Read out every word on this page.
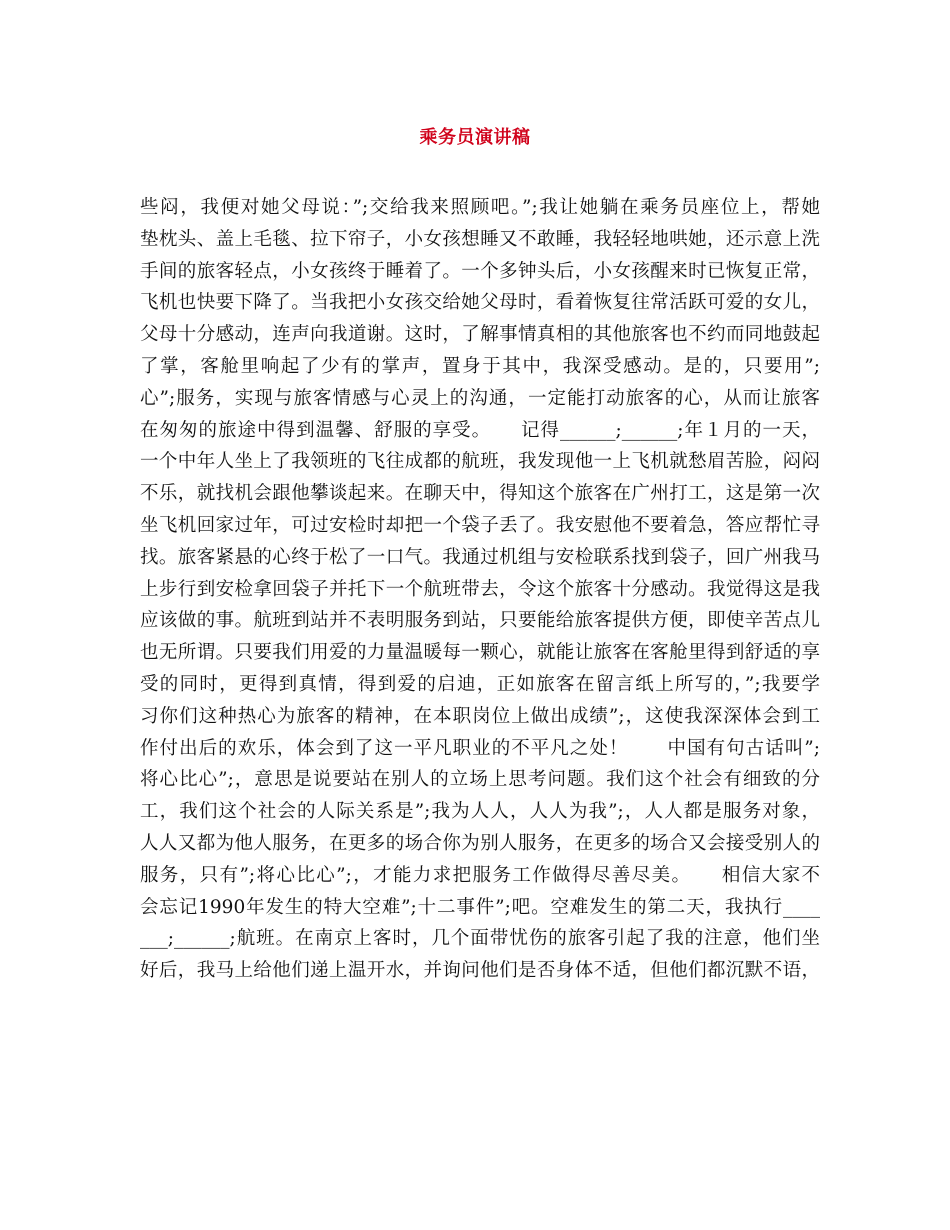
乘务员演讲稿
些闷，我便对她父母说：”;交给我来照顾吧。”;我让她躺在乘务员座位上，帮她
垫枕头、盖上毛毯、拉下帘子，小女孩想睡又不敢睡，我轻轻地哄她，还示意上洗
手间的旅客轻点，小女孩终于睡着了。一个多钟头后，小女孩醒来时已恢复正常，
飞机也快要下降了。当我把小女孩交给她父母时，看着恢复往常活跃可爱的女儿，
父母十分感动，连声向我道谢。这时，了解事情真相的其他旅客也不约而同地鼓起
了掌，客舱里响起了少有的掌声，置身于其中，我深受感动。是的，只要用”;
心”;服务，实现与旅客情感与心灵上的沟通，一定能打动旅客的心，从而让旅客
在匆匆的旅途中得到温馨、舒服的享受。　　记得______;______;年１月的一天，
一个中年人坐上了我领班的飞往成都的航班，我发现他一上飞机就愁眉苦脸，闷闷
不乐，就找机会跟他攀谈起来。在聊天中，得知这个旅客在广州打工，这是第一次
坐飞机回家过年，可过安检时却把一个袋子丢了。我安慰他不要着急，答应帮忙寻
找。旅客紧悬的心终于松了一口气。我通过机组与安检联系找到袋子，回广州我马
上步行到安检拿回袋子并托下一个航班带去，令这个旅客十分感动。我觉得这是我
应该做的事。航班到站并不表明服务到站，只要能给旅客提供方便，即使辛苦点儿
也无所谓。只要我们用爱的力量温暖每一颗心，就能让旅客在客舱里得到舒适的享
受的同时，更得到真情，得到爱的启迪，正如旅客在留言纸上所写的，”;我要学
习你们这种热心为旅客的精神，在本职岗位上做出成绩”;，这使我深深体会到工
作付出后的欢乐，体会到了这一平凡职业的不平凡之处！　　中国有句古话叫”;
将心比心”;，意思是说要站在别人的立场上思考问题。我们这个社会有细致的分
工，我们这个社会的人际关系是”;我为人人，人人为我”;，人人都是服务对象，
人人又都为他人服务，在更多的场合你为别人服务，在更多的场合又会接受别人的
服务，只有”;将心比心”;，才能力求把服务工作做得尽善尽美。　　相信大家不
会忘记1990年发生的特大空难”;十二事件”;吧。空难发生的第二天，我执行____
___;______;航班。在南京上客时，几个面带忧伤的旅客引起了我的注意，他们坐
好后，我马上给他们递上温开水，并询问他们是否身体不适，但他们都沉默不语，
